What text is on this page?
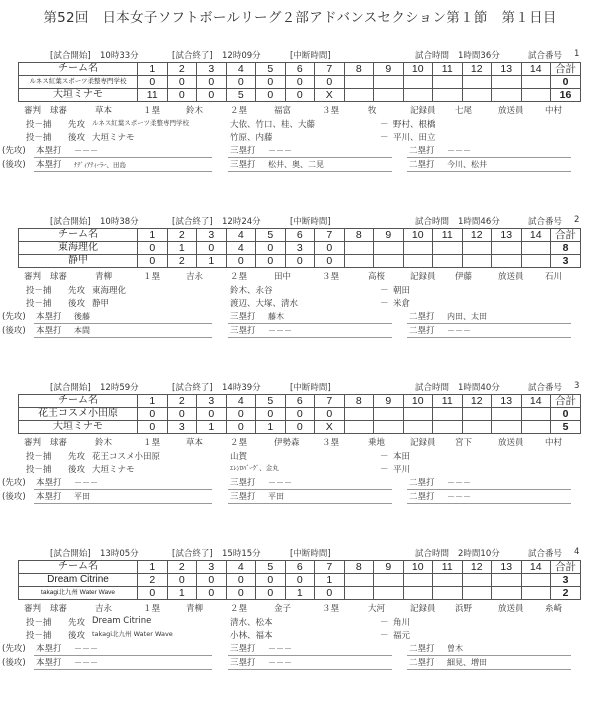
第52回　日本女子ソフトボールリーグ２部アドバンスセクション第１節　第１日目
[試合開始] 10時33分	[試合終了] 12時09分	[中断時間]	試合時間 1時間36分	試合番号 1
チーム名	1	2	3	4	5	6	7	8	9	10	11	12	13	14	合計
ルネス紅葉スポーツ柔整専門学校	0	0	0	0	0	0	0								0
大垣ミナモ	11	0	0	5	0	0	X								16
審判 球審	草本	１塁	鈴木	２塁	福富	３塁	牧	記録員 七尾	放送員	中村
投－捕 先攻 ルネス紅葉スポーツ柔整専門学校	大依、竹口、桂、大藤	－ 野村、根橋
投－捕 後攻 大垣ミナモ	竹原、内藤	－ 平川、田立
(先攻) 本塁打 －－－	三塁打 －－－	二塁打 －－－
(後攻) 本塁打 ﾅﾃﾞｨｱﾃｨｰﾗｰ、田島	三塁打 松井、奥、二見	二塁打 今川、松井
[試合開始] 10時38分	[試合終了] 12時24分	[中断時間]	試合時間 1時間46分	試合番号 2
チーム名	1	2	3	4	5	6	7	8	9	10	11	12	13	14	合計
東海理化	0	1	0	4	0	3	0								8
静甲	0	2	1	0	0	0	0								3
審判 球審	青柳	１塁	吉永	２塁	田中	３塁	高桜	記録員 伊藤	放送員	石川
投－捕 先攻 東海理化	鈴木、永谷	－ 朝田
投－捕 後攻 静甲	渡辺、大塚、清水	－ 米倉
(先攻) 本塁打 後藤	三塁打 藤木	二塁打 内田、太田
(後攻) 本塁打 本間	三塁打 －－－	二塁打 －－－
[試合開始] 12時59分	[試合終了] 14時39分	[中断時間]	試合時間 1時間40分	試合番号 3
チーム名	1	2	3	4	5	6	7	8	9	10	11	12	13	14	合計
花王コスメ小田原	0	0	0	0	0	0	0								0
大垣ミナモ	0	3	1	0	1	0	X								5
審判 球審	鈴木	１塁	草本	２塁	伊勢森	３塁	乗地	記録員 宮下	放送員	中村
投－捕 先攻 花王コスメ小田原	山賀	－ 本田
投－捕 後攻 大垣ミナモ	ｴﾚﾝﾛﾊﾞｰｸﾞ、金丸	－ 平川
(先攻) 本塁打 －－－	三塁打 －－－	二塁打 －－－
(後攻) 本塁打 平田	三塁打 平田	二塁打 －－－
[試合開始] 13時05分	[試合終了] 15時15分	[中断時間]	試合時間 2時間10分	試合番号 4
チーム名	1	2	3	4	5	6	7	8	9	10	11	12	13	14	合計
Dream Citrine	2	0	0	0	0	0	1								3
takagi北九州 Water Wave	0	1	0	0	0	1	0								2
審判 球審	吉永	１塁	青柳	２塁	金子	３塁	大河	記録員 浜野	放送員	糸崎
投－捕 先攻 Dream Citrine	清水、松本	－ 角川
投－捕 後攻 takagi北九州 Water Wave	小林、福本	－ 福元
(先攻) 本塁打 －－－	三塁打 －－－	二塁打 曽木
(後攻) 本塁打 －－－	三塁打 －－－	二塁打 細見、増田
